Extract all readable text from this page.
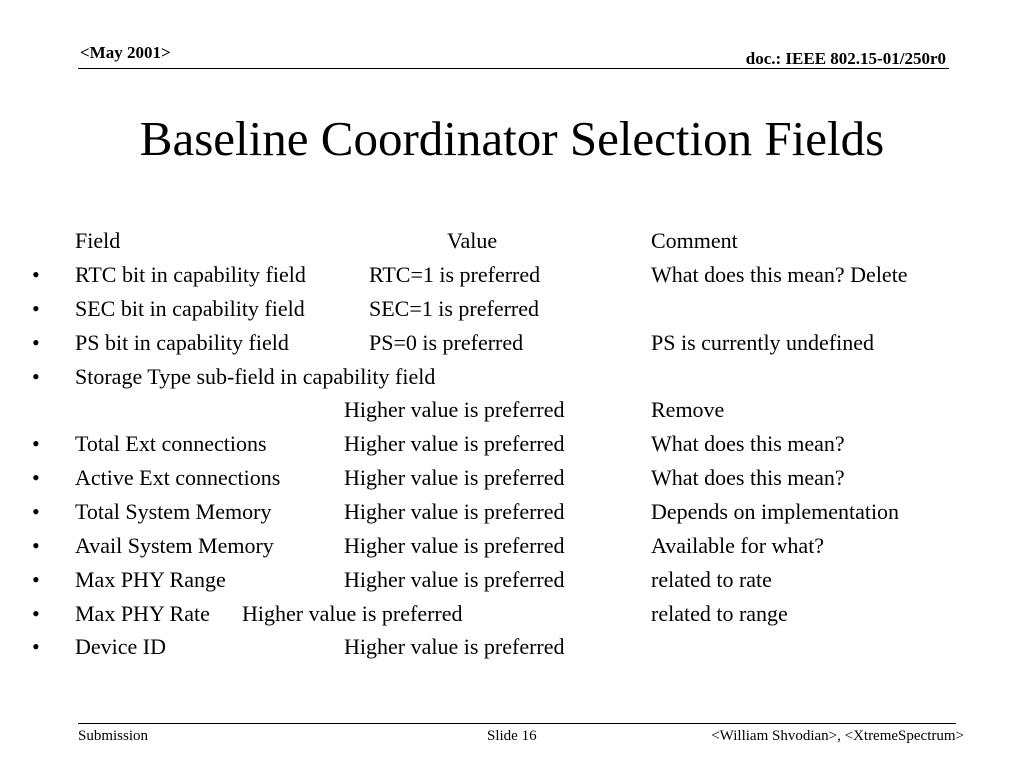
<May 2001>	doc.: IEEE 802.15-01/250r0
Baseline Coordinator Selection Fields
Field	Value	Comment
• RTC bit in capability field	RTC=1 is preferred	What does this mean? Delete
• SEC bit in capability field	SEC=1 is preferred
• PS bit in capability field	PS=0 is preferred	PS is currently undefined
• Storage Type sub-field in capability field
Higher value is preferred	Remove
• Total Ext connections	Higher value is preferred	What does this mean?
• Active Ext connections	Higher value is preferred	What does this mean?
• Total System Memory	Higher value is preferred	Depends on implementation
• Avail System Memory	Higher value is preferred	Available for what?
• Max PHY Range	Higher value is preferred	related to rate
• Max PHY Rate Higher value is preferred	related to range
• Device ID	Higher value is preferred
Submission	Slide 16	<William Shvodian>, <XtremeSpectrum>
